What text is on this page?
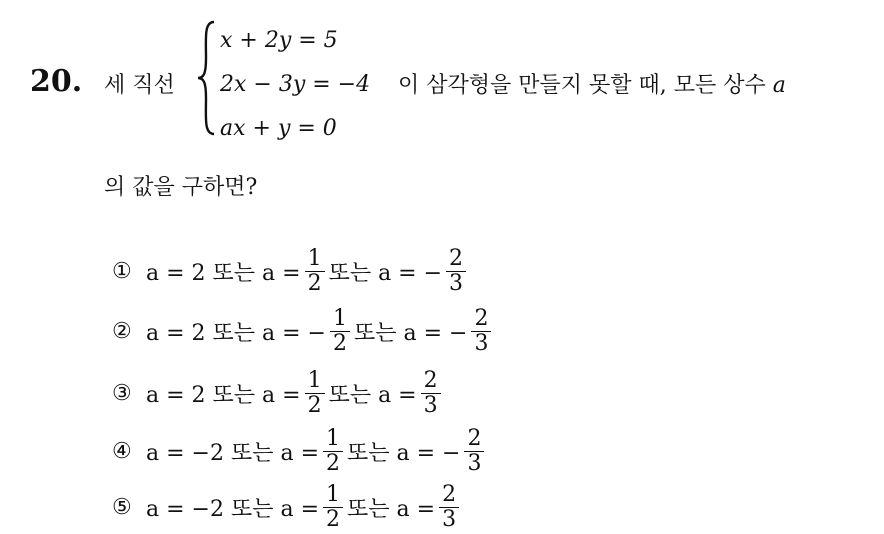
20. 세 직선
x + 2y = 5
2x − 3y = −4
ax + y = 0
이 삼각형을 만들지 못할 때, 모든 상수 a
의 값을 구하면?
① a = 2 또는 $a = \frac{1}{2}$ 또는 a = − $\frac{2}{3}$
② a = 2 또는 a = − $\frac{1}{2}$ 또는 a = − $\frac{2}{3}$
③ a = 2 또는 $a = \frac{1}{2}$ 또는 $a = \frac{2}{3}$
④ a = −2 또는 $a = \frac{1}{2}$ 또는 a = − $\frac{2}{3}$
⑤ a = −2 또는 $a = \frac{1}{2}$ 또는 $a = \frac{2}{3}$
